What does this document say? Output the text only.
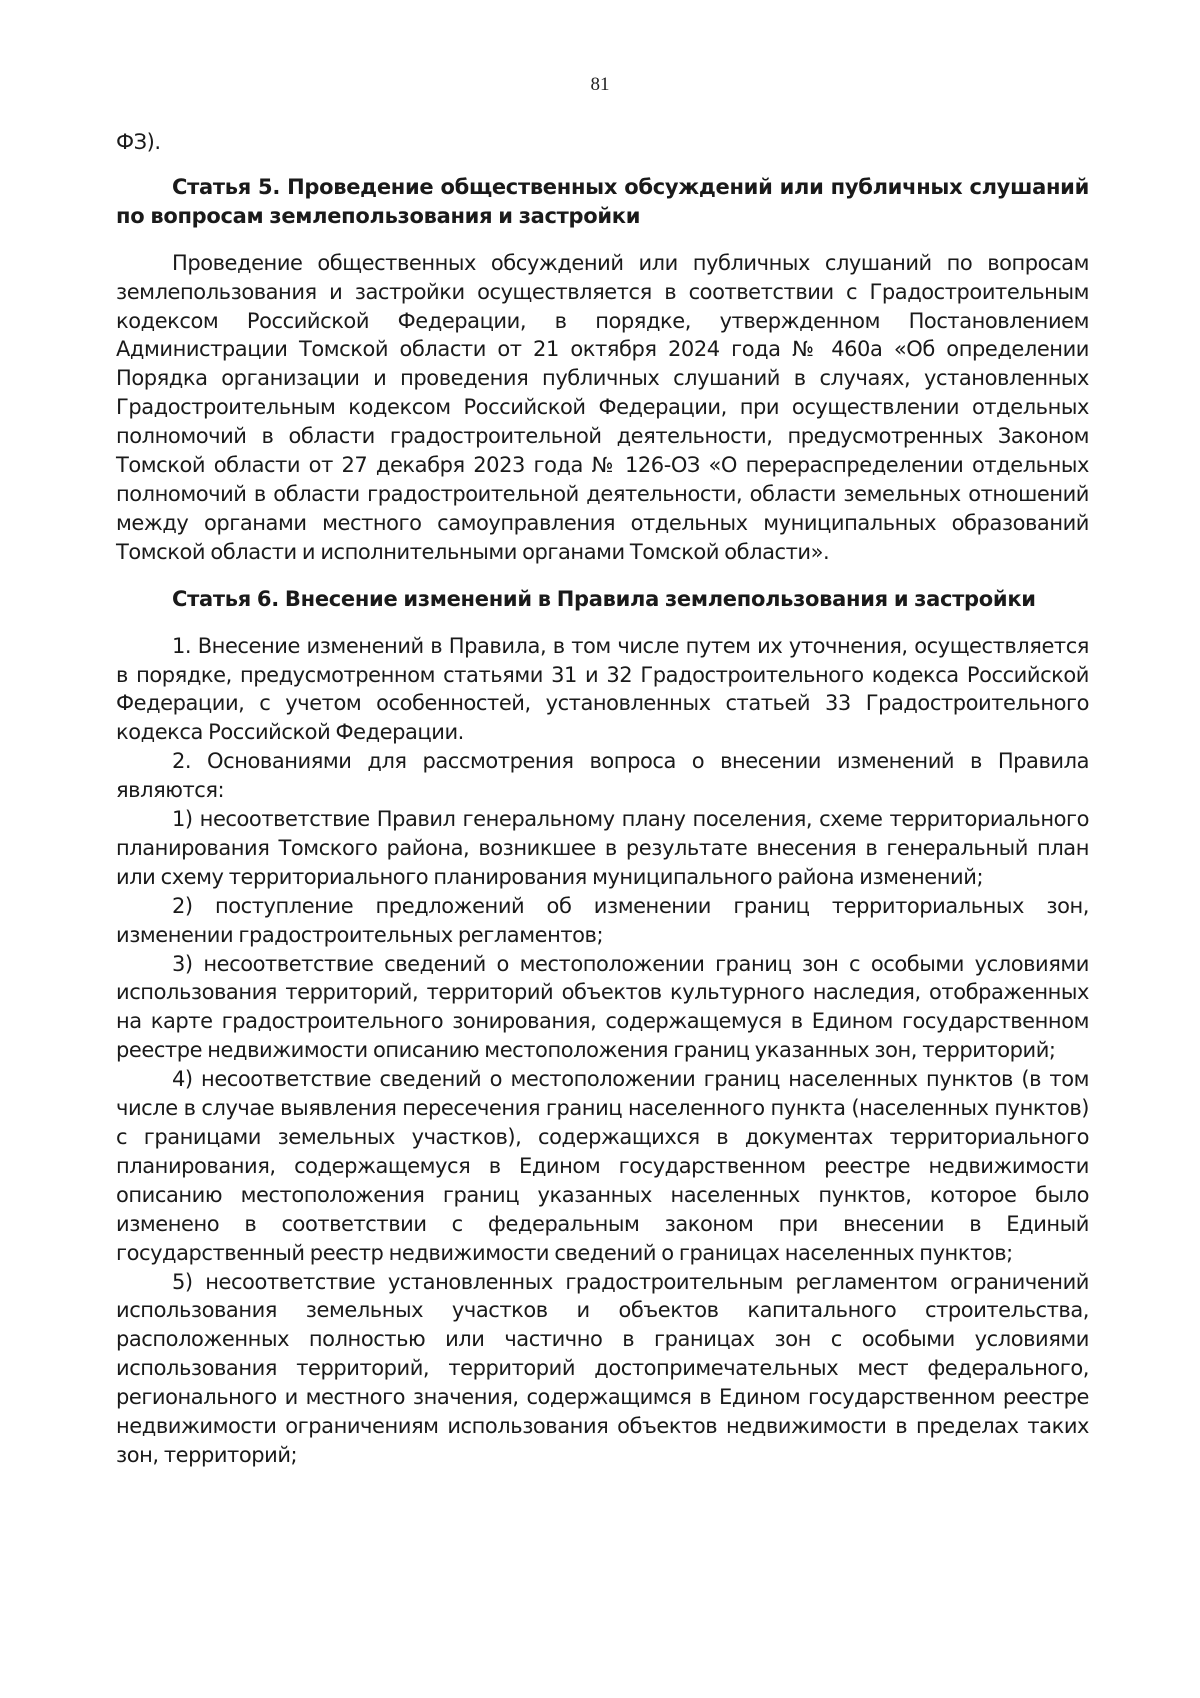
81

ФЗ).

Статья 5. Проведение общественных обсуждений или публичных слушаний по вопросам землепользования и застройки

Проведение общественных обсуждений или публичных слушаний по вопросам землепользования и застройки осуществляется в соответствии с Градостроительным кодексом Российской Федерации, в порядке, утвержденном Постановлением Администрации Томской области от 21 октября 2024 года № 460а «Об определении Порядка организации и проведения публичных слушаний в случаях, установленных Градостроительным кодексом Российской Федерации, при осуществлении отдельных полномочий в области градостроительной деятельности, предусмотренных Законом Томской области от 27 декабря 2023 года № 126-ОЗ «О перераспределении отдельных полномочий в области градостроительной деятельности, области земельных отношений между органами местного самоуправления отдельных муниципальных образований Томской области и исполнительными органами Томской области».

Статья 6. Внесение изменений в Правила землепользования и застройки

1. Внесение изменений в Правила, в том числе путем их уточнения, осуществляется в порядке, предусмотренном статьями 31 и 32 Градостроительного кодекса Российской Федерации, с учетом особенностей, установленных статьей 33 Градостроительного кодекса Российской Федерации.

2. Основаниями для рассмотрения вопроса о внесении изменений в Правила являются:

1) несоответствие Правил генеральному плану поселения, схеме территориального планирования Томского района, возникшее в результате внесения в генеральный план или схему территориального планирования муниципального района изменений;

2) поступление предложений об изменении границ территориальных зон, изменении градостроительных регламентов;

3) несоответствие сведений о местоположении границ зон с особыми условиями использования территорий, территорий объектов культурного наследия, отображенных на карте градостроительного зонирования, содержащемуся в Едином государственном реестре недвижимости описанию местоположения границ указанных зон, территорий;

4) несоответствие сведений о местоположении границ населенных пунктов (в том числе в случае выявления пересечения границ населенного пункта (населенных пунктов) с границами земельных участков), содержащихся в документах территориального планирования, содержащемуся в Едином государственном реестре недвижимости описанию местоположения границ указанных населенных пунктов, которое было изменено в соответствии с федеральным законом при внесении в Единый государственный реестр недвижимости сведений о границах населенных пунктов;

5) несоответствие установленных градостроительным регламентом ограничений использования земельных участков и объектов капитального строительства, расположенных полностью или частично в границах зон с особыми условиями использования территорий, территорий достопримечательных мест федерального, регионального и местного значения, содержащимся в Едином государственном реестре недвижимости ограничениям использования объектов недвижимости в пределах таких зон, территорий;
